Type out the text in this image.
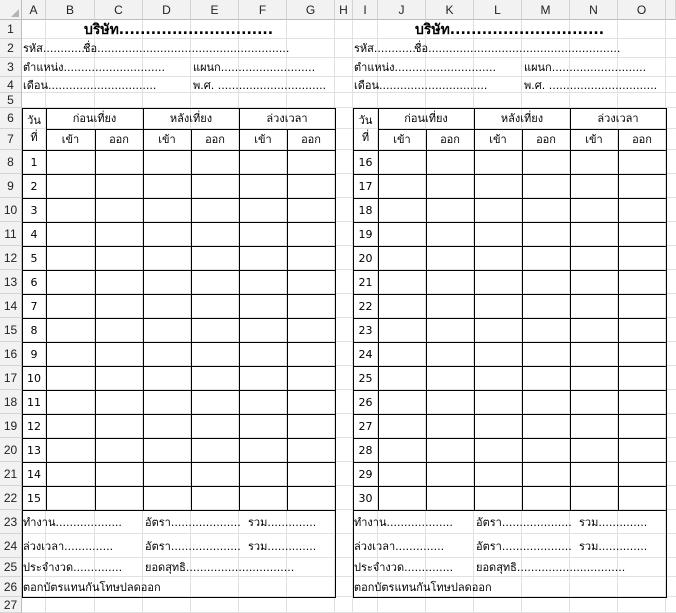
A	B	C	D	E	F	G	H	I	J	K	L	M	N	O
1
2
3
4
5
6
7
8
9
10
11
12
13
14
15
16
17
18
19
20
21
22
23
24
25
26
27
บริษัท.............................
รหัส.............
ชื่อ.......................................................
ตำแหน่ง.............................	แผนก...........................
เดือน...............................	พ.ศ. ...............................
วัน
ที่
ก่อนเที่ยง	หลังเที่ยง	ล่วงเวลา
เข้า	ออก	เข้า	ออก	เข้า	ออก
1
2
3
4
5
6
7
8
9
10
11
12
13
14
15
ทำงาน...................	อัตรา.................... รวม..............
ล่วงเวลา..............	อัตรา.................... รวม..............
ประจำงวด..............	ยอดสุทธิ...............................
ตอกบัตรแทนกันโทษปลดออก
บริษัท.............................
รหัส.............
ชื่อ.......................................................
ตำแหน่ง.............................	แผนก...........................
เดือน...............................	พ.ศ. ...............................
วัน
ที่
ก่อนเที่ยง	หลังเที่ยง	ล่วงเวลา
เข้า	ออก	เข้า	ออก	เข้า	ออก
16
17
18
19
20
21
22
23
24
25
26
27
28
29
30
ทำงาน...................	อัตรา.................... รวม..............
ล่วงเวลา..............	อัตรา.................... รวม..............
ประจำงวด..............	ยอดสุทธิ...............................
ตอกบัตรแทนกันโทษปลดออก
